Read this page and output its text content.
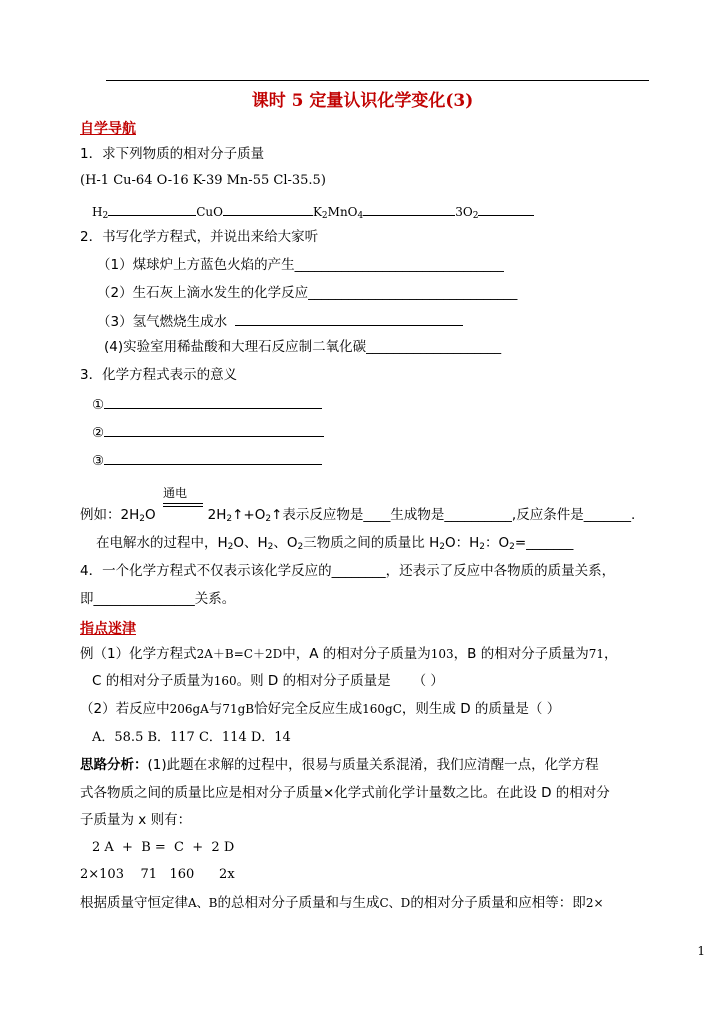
课时 5 定量认识化学变化(3)
自学导航
1．求下列物质的相对分子质量
(H-1 Cu-64 O-16 K-39 Mn-55 Cl-35.5)
$H_2$	CuO	$K_2MnO_4$	$3O_2$
2．书写化学方程式，并说出来给大家听
（1）煤球炉上方蓝色火焰的产生_______________________________
（2）生石灰上滴水发生的化学反应_______________________________
（3）氢气燃烧生成水
(4)实验室用稀盐酸和大理石反应制二氧化碳____________________
3．化学方程式表示的意义
①
②
③
通电
例如：$2H_2O$	$2H_2↑+O_2↑$表示反应物是____生成物是__________,反应条件是_______.
在电解水的过程中，$H_2O$、$H_2$、$O_2$三物质之间的质量比 $H_2O$：$H_2$：$O_2=\_\_\_\_\_\_\_$
4．一个化学方程式不仅表示该化学反应的________，还表示了反应中各物质的质量关系，
即_______________关系。
指点迷津
例（1）化学方程式2A＋B=C＋2D中，A 的相对分子质量为103，B 的相对分子质量为71，
C 的相对分子质量为160。则 D 的相对分子质量是 （ ）
（2）若反应中206gA与71gB恰好完全反应生成160gC，则生成 D 的质量是（ ）
A．58.5 B．117 C．114 D．14
思路分析：(1)此题在求解的过程中，很易与质量关系混淆，我们应清醒一点，化学方程
式各物质之间的质量比应是相对分子质量×化学式前化学计量数之比。在此设 D 的相对分
子质量为 x 则有：
2 A  +  B =  C  +  2 D
2×103    71   160      2x
根据质量守恒定律A、B的总相对分子质量和与生成C、D的相对分子质量和应相等：即2×
1
